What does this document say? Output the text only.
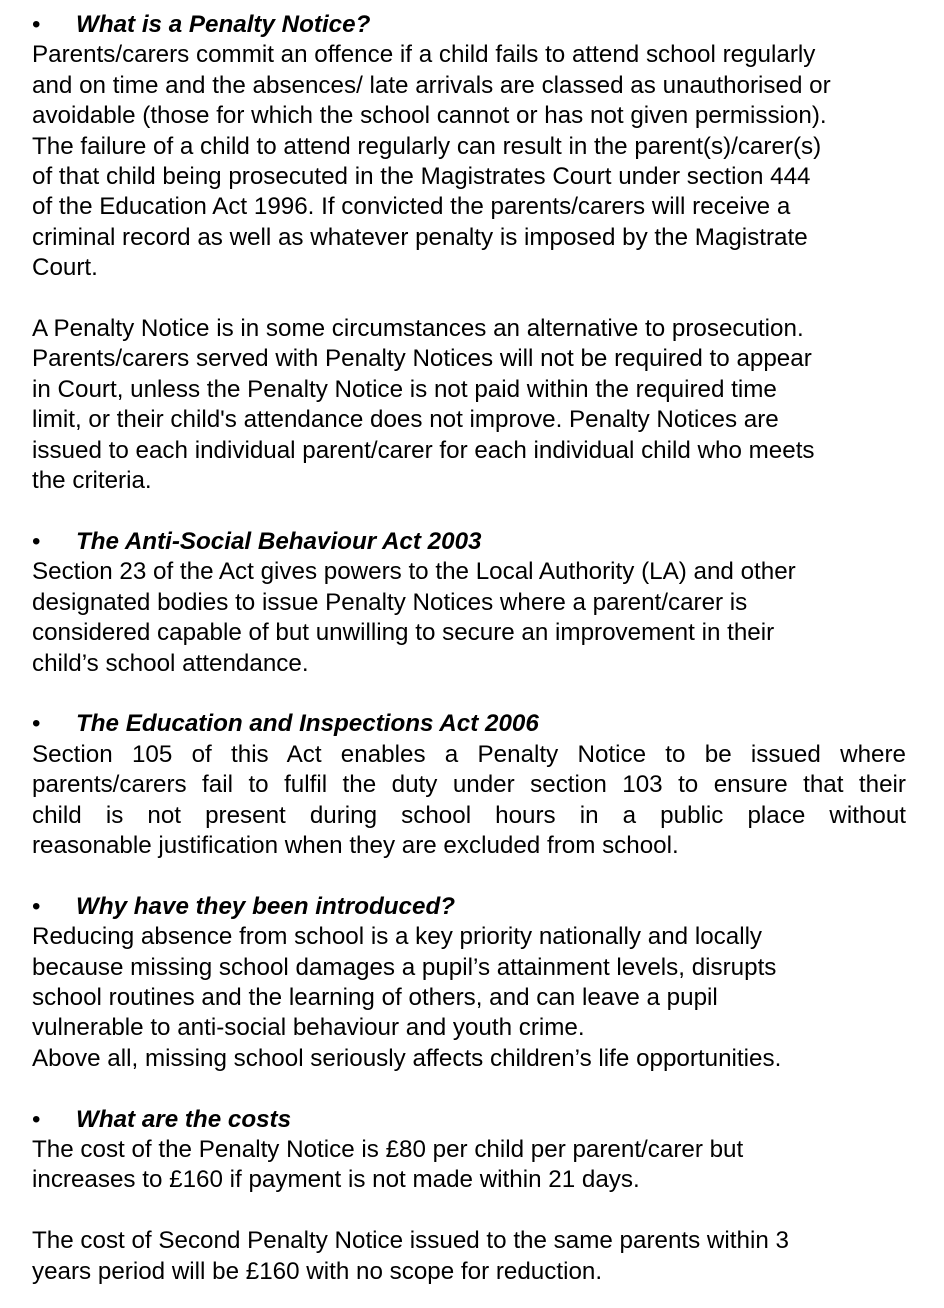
• What is a Penalty Notice?

Parents/carers commit an offence if a child fails to attend school regularly
and on time and the absences/ late arrivals are classed as unauthorised or
avoidable (those for which the school cannot or has not given permission).
The failure of a child to attend regularly can result in the parent(s)/carer(s)
of that child being prosecuted in the Magistrates Court under section 444
of the Education Act 1996. If convicted the parents/carers will receive a
criminal record as well as whatever penalty is imposed by the Magistrate
Court.

A Penalty Notice is in some circumstances an alternative to prosecution.
Parents/carers served with Penalty Notices will not be required to appear
in Court, unless the Penalty Notice is not paid within the required time
limit, or their child's attendance does not improve. Penalty Notices are
issued to each individual parent/carer for each individual child who meets
the criteria.

• The Anti-Social Behaviour Act 2003

Section 23 of the Act gives powers to the Local Authority (LA) and other
designated bodies to issue Penalty Notices where a parent/carer is
considered capable of but unwilling to secure an improvement in their
child’s school attendance.

• The Education and Inspections Act 2006
Section 105 of this Act enables a Penalty Notice to be issued where
parents/carers fail to fulfil the duty under section 103 to ensure that their
child is not present during school hours in a public place without
reasonable justification when they are excluded from school.
• Why have they been introduced?

Reducing absence from school is a key priority nationally and locally
because missing school damages a pupil’s attainment levels, disrupts
school routines and the learning of others, and can leave a pupil
vulnerable to anti-social behaviour and youth crime.
Above all, missing school seriously affects children’s life opportunities.

• What are the costs

The cost of the Penalty Notice is £80 per child per parent/carer but
increases to £160 if payment is not made within 21 days.

The cost of Second Penalty Notice issued to the same parents within 3
years period will be £160 with no scope for reduction.
